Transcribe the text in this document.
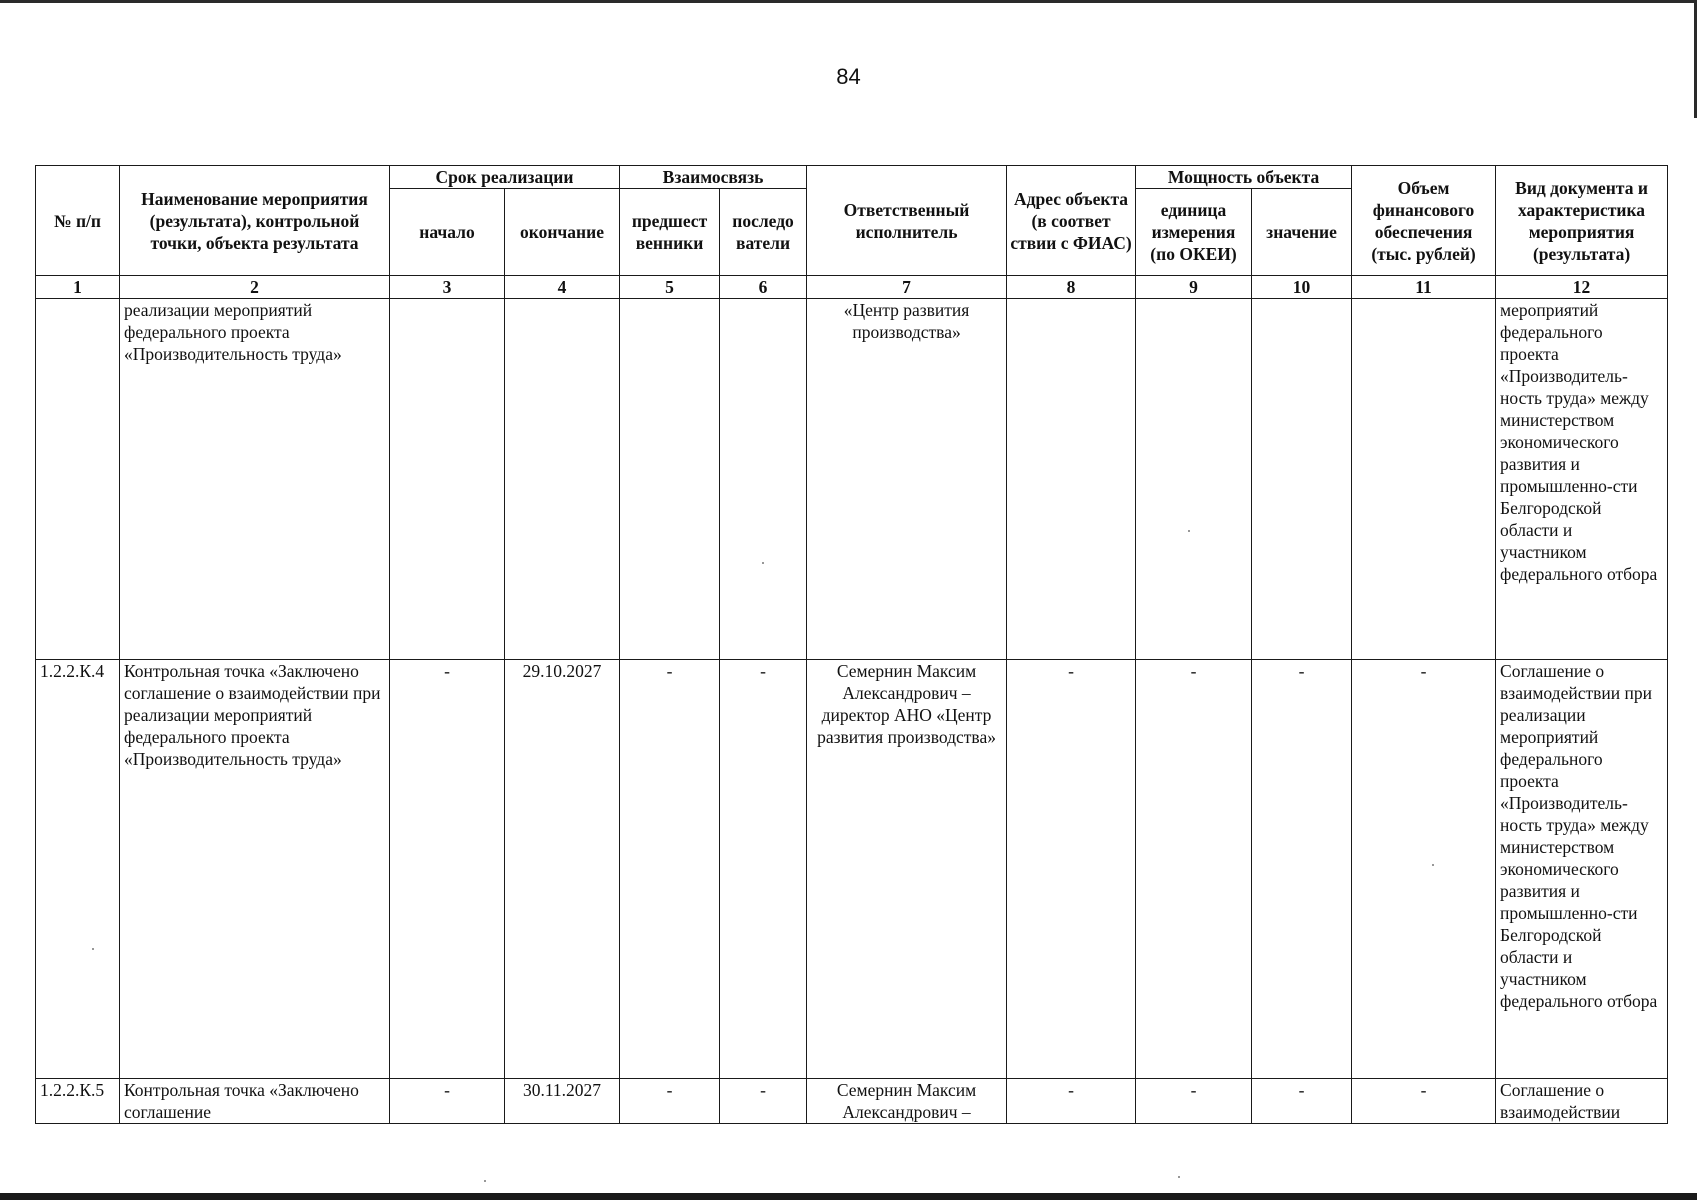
84
№ п/п	Наименование мероприятия (результата), контрольной точки, объекта результата	Срок реализации		Взаимосвязь		Ответственный исполнитель	Адрес объекта (в соответ ствии с ФИАС)	Мощность объекта		Объем финансового обеспечения (тыс. рублей)	Вид документа и характеристика мероприятия (результата)
		начало	окончание	предшест венники	последо ватели			единица измерения (по ОКЕИ)	значение		
1	2	3	4	5	6	7	8	9	10	11	12
	реализации мероприятий федерального проекта «Производительность труда»					«Центр развития производства»					мероприятий федерального проекта «Производитель-ность труда» между министерством экономического развития и промышленно-сти Белгородской области и участником федерального отбора
1.2.2.К.4	Контрольная точка «Заключено соглашение о взаимодействии при реализации мероприятий федерального проекта «Производительность труда»	-	29.10.2027	-	-	Семернин Максим Александрович – директор АНО «Центр развития производства»	-	-	-	-	Соглашение о взаимодействии при реализации мероприятий федерального проекта «Производитель-ность труда» между министерством экономического развития и промышленно-сти Белгородской области и участником федерального отбора
1.2.2.К.5	Контрольная точка «Заключено соглашение	-	30.11.2027	-	-	Семернин Максим Александрович –	-	-	-	-	Соглашение о взаимодействии
